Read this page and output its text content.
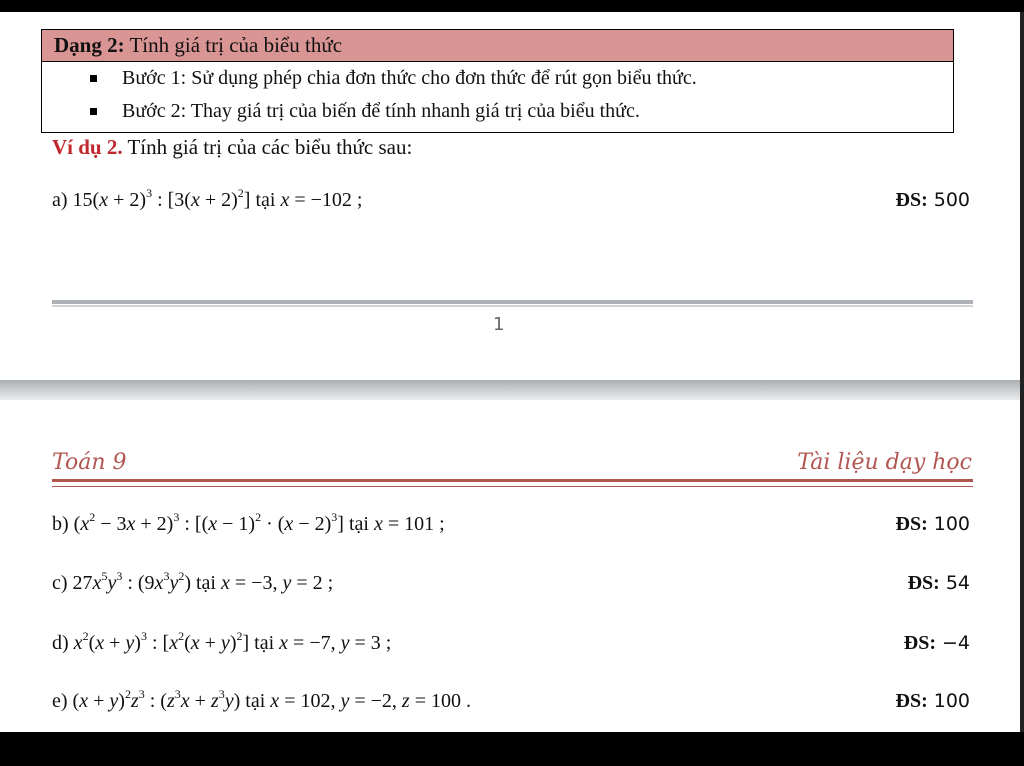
Dạng 2: Tính giá trị của biểu thức
Bước 1: Sử dụng phép chia đơn thức cho đơn thức để rút gọn biểu thức.
Bước 2: Thay giá trị của biến để tính nhanh giá trị của biểu thức.
Ví dụ 2. Tính giá trị của các biểu thức sau:
a) $15(x + 2)^3$ : $[3(x + 2)^2]$ tại x = −102 ;	ĐS: 500
1
Toán 9	Tài liệu dạy học
b) $(x^2 - 3x + 2)^3$ : $[(x - 1)^2 \cdot (x - 2)^3]$ tại x = 101 ;	ĐS: 100
c) $27x^5y^3$ : $(9x^3y^2)$ tại x = −3, y = 2 ;	ĐS: 54
d) $x^2(x + y)^3$ : $[x^2(x + y)^2]$ tại x = −7, y = 3 ;	ĐS: −4
e) $(x + y)^2z^3$ : $(z^3x + z^3y)$ tại x = 102, y = −2, z = 100 .	ĐS: 100
